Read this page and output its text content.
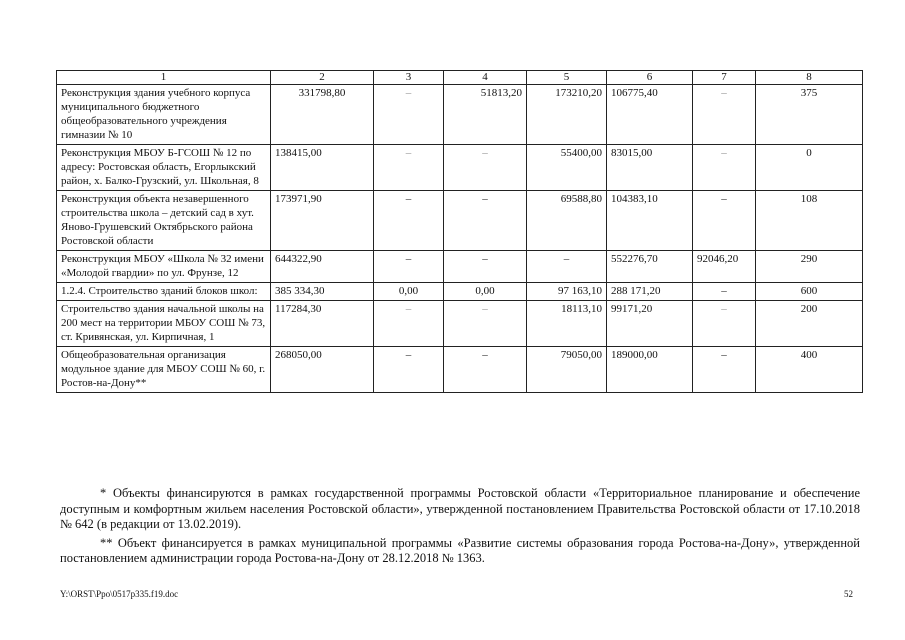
1	2	3	4	5	6	7	8
Реконструкция здания учебного корпуса муниципального бюджетного общеобразовательного учреждения гимназии № 10	331798,80	–	51813,20	173210,20	106775,40	–	375
Реконструкция МБОУ Б-ГСОШ № 12 по адресу: Ростовская область, Егорлыкский район, х. Балко-Грузский, ул. Школьная, 8	138415,00	–	–	55400,00	83015,00	–	0
Реконструкция объекта незавершенного строительства школа – детский сад в хут. Яново-Грушевский Октябрьского района Ростовской области	173971,90	–	–	69588,80	104383,10	–	108
Реконструкция МБОУ «Школа № 32 имени «Молодой гвардии» по ул. Фрунзе, 12	644322,90	–	–	–	552276,70	92046,20	290
1.2.4. Строительство зданий блоков школ:	385 334,30	0,00	0,00	97 163,10	288 171,20	–	600
Строительство здания начальной школы на 200 мест на территории МБОУ СОШ № 73, ст. Кривянская, ул. Кирпичная, 1	117284,30	–	–	18113,10	99171,20	–	200
Общеобразовательная организация модульное здание для МБОУ СОШ № 60, г. Ростов-на-Дону**	268050,00	–	–	79050,00	189000,00	–	400

* Объекты финансируются в рамках государственной программы Ростовской области «Территориальное планирование и обеспечение доступным и комфортным жильем населения Ростовской области», утвержденной постановлением Правительства Ростовской области от 17.10.2018 № 642 (в редакции от 13.02.2019).

** Объект финансируется в рамках муниципальной программы «Развитие системы образования города Ростова-на-Дону», утвержденной постановлением администрации города Ростова-на-Дону от 28.12.2018 № 1363.

Y:\ORST\Ppo\0517p335.f19.doc	52
